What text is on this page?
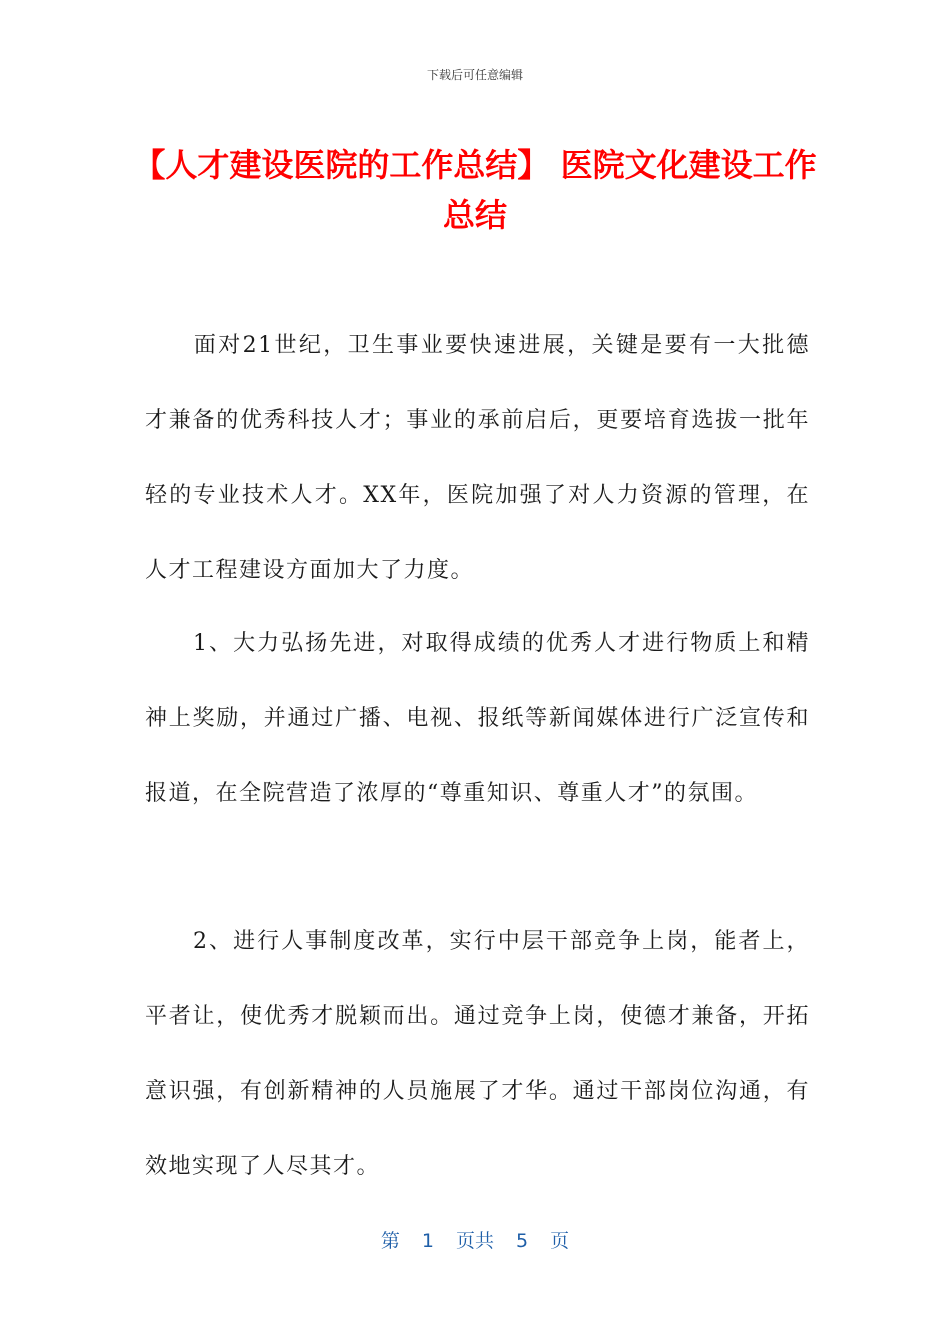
下载后可任意编辑
【人才建设医院的工作总结】 医院文化建设工作总结

面对21世纪，卫生事业要快速进展，关键是要有一大批德才兼备的优秀科技人才；事业的承前启后，更要培育选拔一批年轻的专业技术人才。XX年，医院加强了对人力资源的管理，在人才工程建设方面加大了力度。

1、大力弘扬先进，对取得成绩的优秀人才进行物质上和精神上奖励，并通过广播、电视、报纸等新闻媒体进行广泛宣传和报道，在全院营造了浓厚的“尊重知识、尊重人才”的氛围。

2、进行人事制度改革，实行中层干部竞争上岗，能者上，平者让，使优秀才脱颖而出。通过竞争上岗，使德才兼备，开拓意识强，有创新精神的人员施展了才华。通过干部岗位沟通，有效地实现了人尽其才。

第 1 页共 5 页
